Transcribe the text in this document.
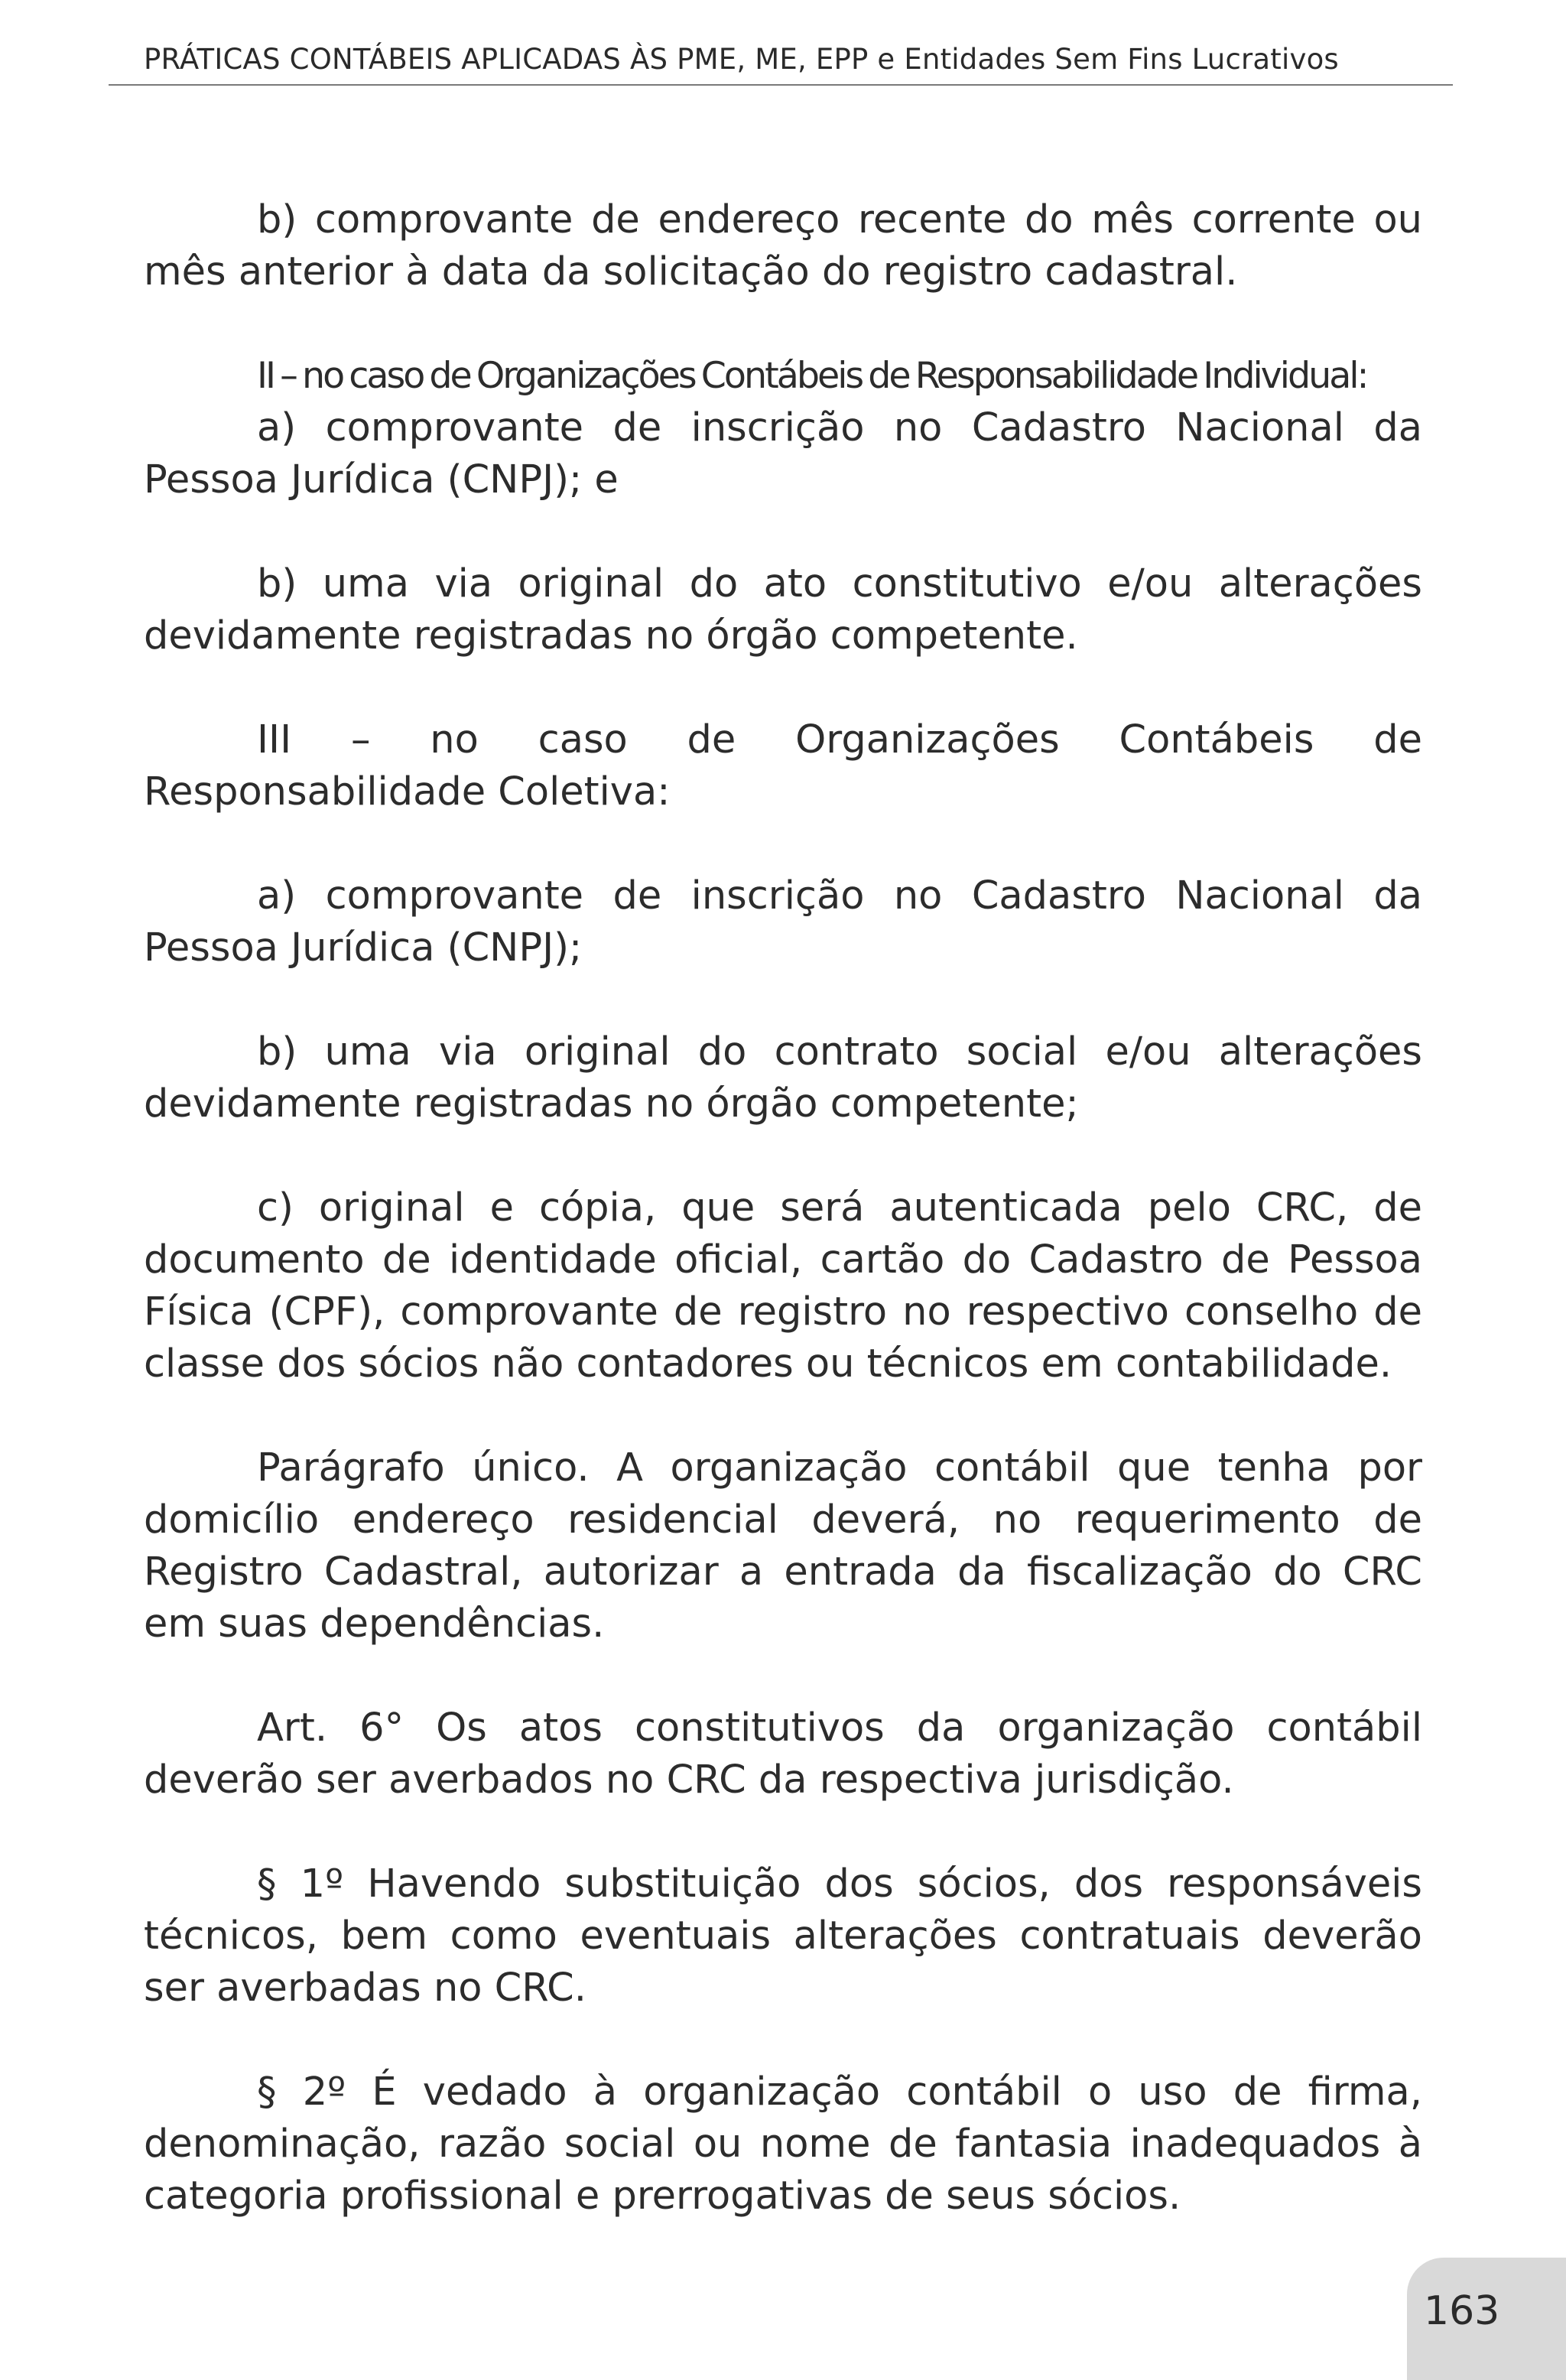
PRÁTICAS CONTÁBEIS APLICADAS ÀS PME, ME, EPP e Entidades Sem Fins Lucrativos

b) comprovante de endereço recente do mês corrente ou mês anterior à data da solicitação do registro cadastral.

II – no caso de Organizações Contábeis de Responsabilidade Individual:

a) comprovante de inscrição no Cadastro Nacional da Pessoa Jurídica (CNPJ); e

b) uma via original do ato constitutivo e/ou alterações devidamente registradas no órgão competente.

III – no caso de Organizações Contábeis de Responsabilidade Coletiva:

a) comprovante de inscrição no Cadastro Nacional da Pessoa Jurídica (CNPJ);

b) uma via original do contrato social e/ou alterações devidamente registradas no órgão competente;

c) original e cópia, que será autenticada pelo CRC, de documento de identidade oficial, cartão do Cadastro de Pessoa Física (CPF), comprovante de registro no respectivo conselho de classe dos sócios não contadores ou técnicos em contabilidade.

Parágrafo único. A organização contábil que tenha por domicílio endereço residencial deverá, no requerimento de Registro Cadastral, autorizar a entrada da fiscalização do CRC em suas dependências.

Art. 6° Os atos constitutivos da organização contábil deverão ser averbados no CRC da respectiva jurisdição.

§ 1º Havendo substituição dos sócios, dos responsáveis técnicos, bem como eventuais alterações contratuais deverão ser averbadas no CRC.

§ 2º É vedado à organização contábil o uso de firma, denominação, razão social ou nome de fantasia inadequados à categoria profissional e prerrogativas de seus sócios.

163
